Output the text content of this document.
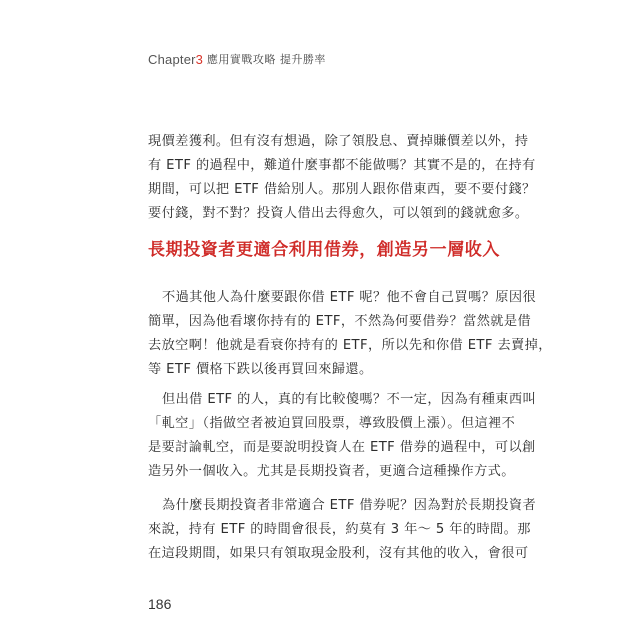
Chapter 3 應用實戰攻略 提升勝率
現價差獲利。但有沒有想過，除了領股息、賣掉賺價差以外，持
有 ETF 的過程中，難道什麼事都不能做嗎？其實不是的，在持有
期間，可以把 ETF 借給別人。那別人跟你借東西，要不要付錢？
要付錢，對不對？投資人借出去得愈久，可以領到的錢就愈多。
長期投資者更適合利用借券，創造另一層收入
不過其他人為什麼要跟你借 ETF 呢？他不會自己買嗎？原因很
簡單，因為他看壞你持有的 ETF，不然為何要借券？當然就是借
去放空啊！他就是看衰你持有的 ETF，所以先和你借 ETF 去賣掉，
等 ETF 價格下跌以後再買回來歸還。
但出借 ETF 的人，真的有比較傻嗎？不一定，因為有種東西叫
「軋空」（指做空者被迫買回股票，導致股價上漲）。但這裡不
是要討論軋空，而是要說明投資人在 ETF 借券的過程中，可以創
造另外一個收入。尤其是長期投資者，更適合這種操作方式。
為什麼長期投資者非常適合 ETF 借券呢？因為對於長期投資者
來說，持有 ETF 的時間會很長，約莫有 3 年～ 5 年的時間。那
在這段期間，如果只有領取現金股利，沒有其他的收入，會很可
186
